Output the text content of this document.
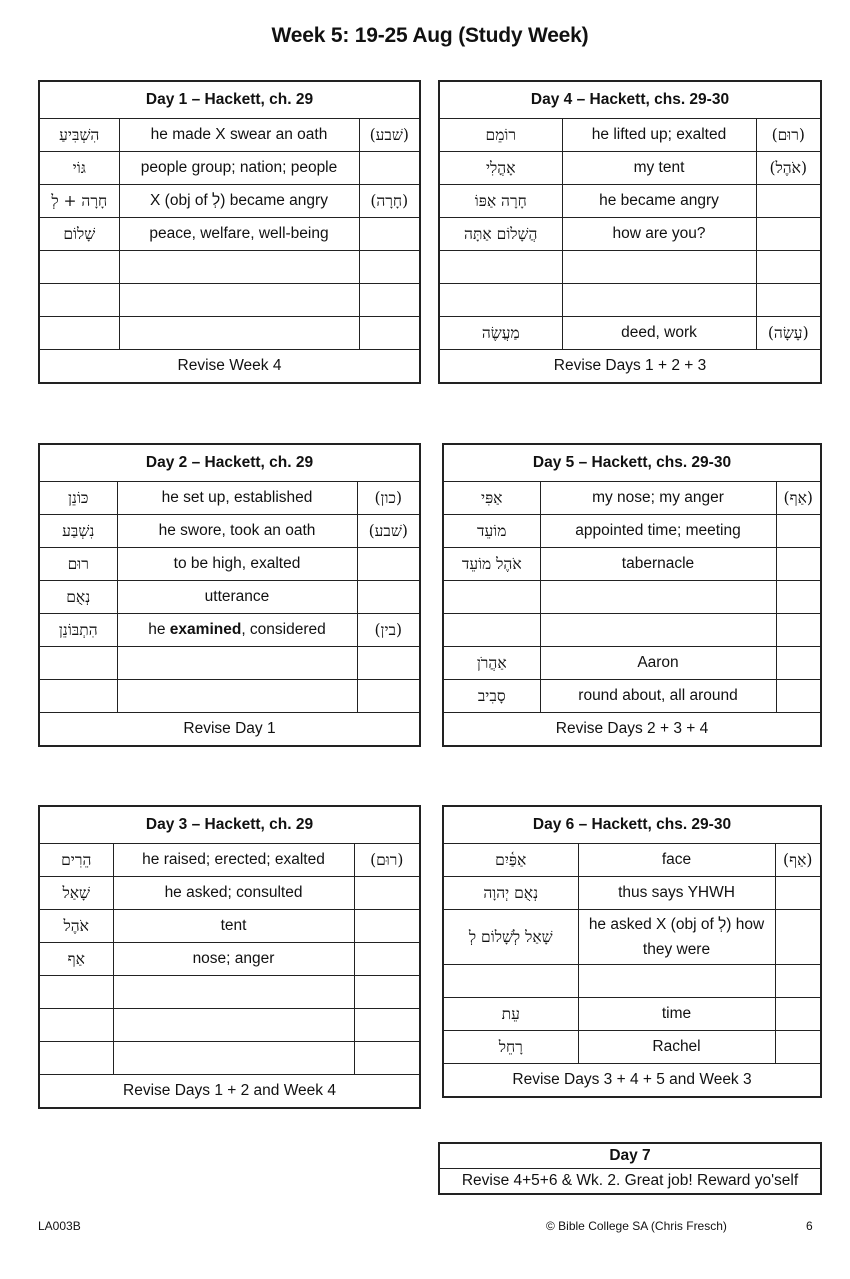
Week 5: 19-25 Aug (Study Week)
Day 1 – Hackett, ch. 29		
הִשְׁבִּיעַ	he made X swear an oath	(שׁבע)
גּוֹי	people group; nation; people	
חָרָה + לְ	X (obj of לְ) became angry	(חָרָה)
שָׁלוֹם	peace, welfare, well-being	

Revise Week 4		
Day 4 – Hackett, chs. 29-30		
רוֹמֵם	he lifted up; exalted	(רוּם)
אָהֳלִי	my tent	(אֹהֶל)
חָרָה אַפּוֹ	he became angry	
הֲשָׁלוֹם אַתָּה	how are you?	

מַעֲשֶׂה	deed, work	(עָשָׂה)
Revise Days 1 + 2 + 3		
Day 2 – Hackett, ch. 29		
כּוֹנֵן	he set up, established	(כון)
נִשְׁבַּע	he swore, took an oath	(שׁבע)
רוּם	to be high, exalted	
נְאֻם	utterance	
הִתְבּוֹנֵן	he examined, considered	(בין)

Revise Day 1		
Day 5 – Hackett, chs. 29-30		
אַפִּי	my nose; my anger	(אַף)
מוֹעֵד	appointed time; meeting	
אֹהֶל מוֹעֵד	tabernacle	

אַהֲרֹן	Aaron	
סָבִיב	round about, all around	
Revise Days 2 + 3 + 4		
Day 3 – Hackett, ch. 29		
הֵרִים	he raised; erected; exalted	(רוּם)
שָׁאַל	he asked; consulted	
אֹהֶל	tent	
אַף	nose; anger	

Revise Days 1 + 2 and Week 4		
Day 6 – Hackett, chs. 29-30		
אַפַּ֫יִם	face	(אַף)
נְאֻם יְהוָה	thus says YHWH	
שָׁאַל לְשָׁלוֹם לְ	he asked X (obj of לְ) how they were	

עֵת	time	
רָחֵל	Rachel	
Revise Days 3 + 4 + 5 and Week 3		
Day 7
Revise 4+5+6 & Wk. 2. Great job! Reward yo'self
LA003B	© Bible College SA (Chris Fresch)	6
